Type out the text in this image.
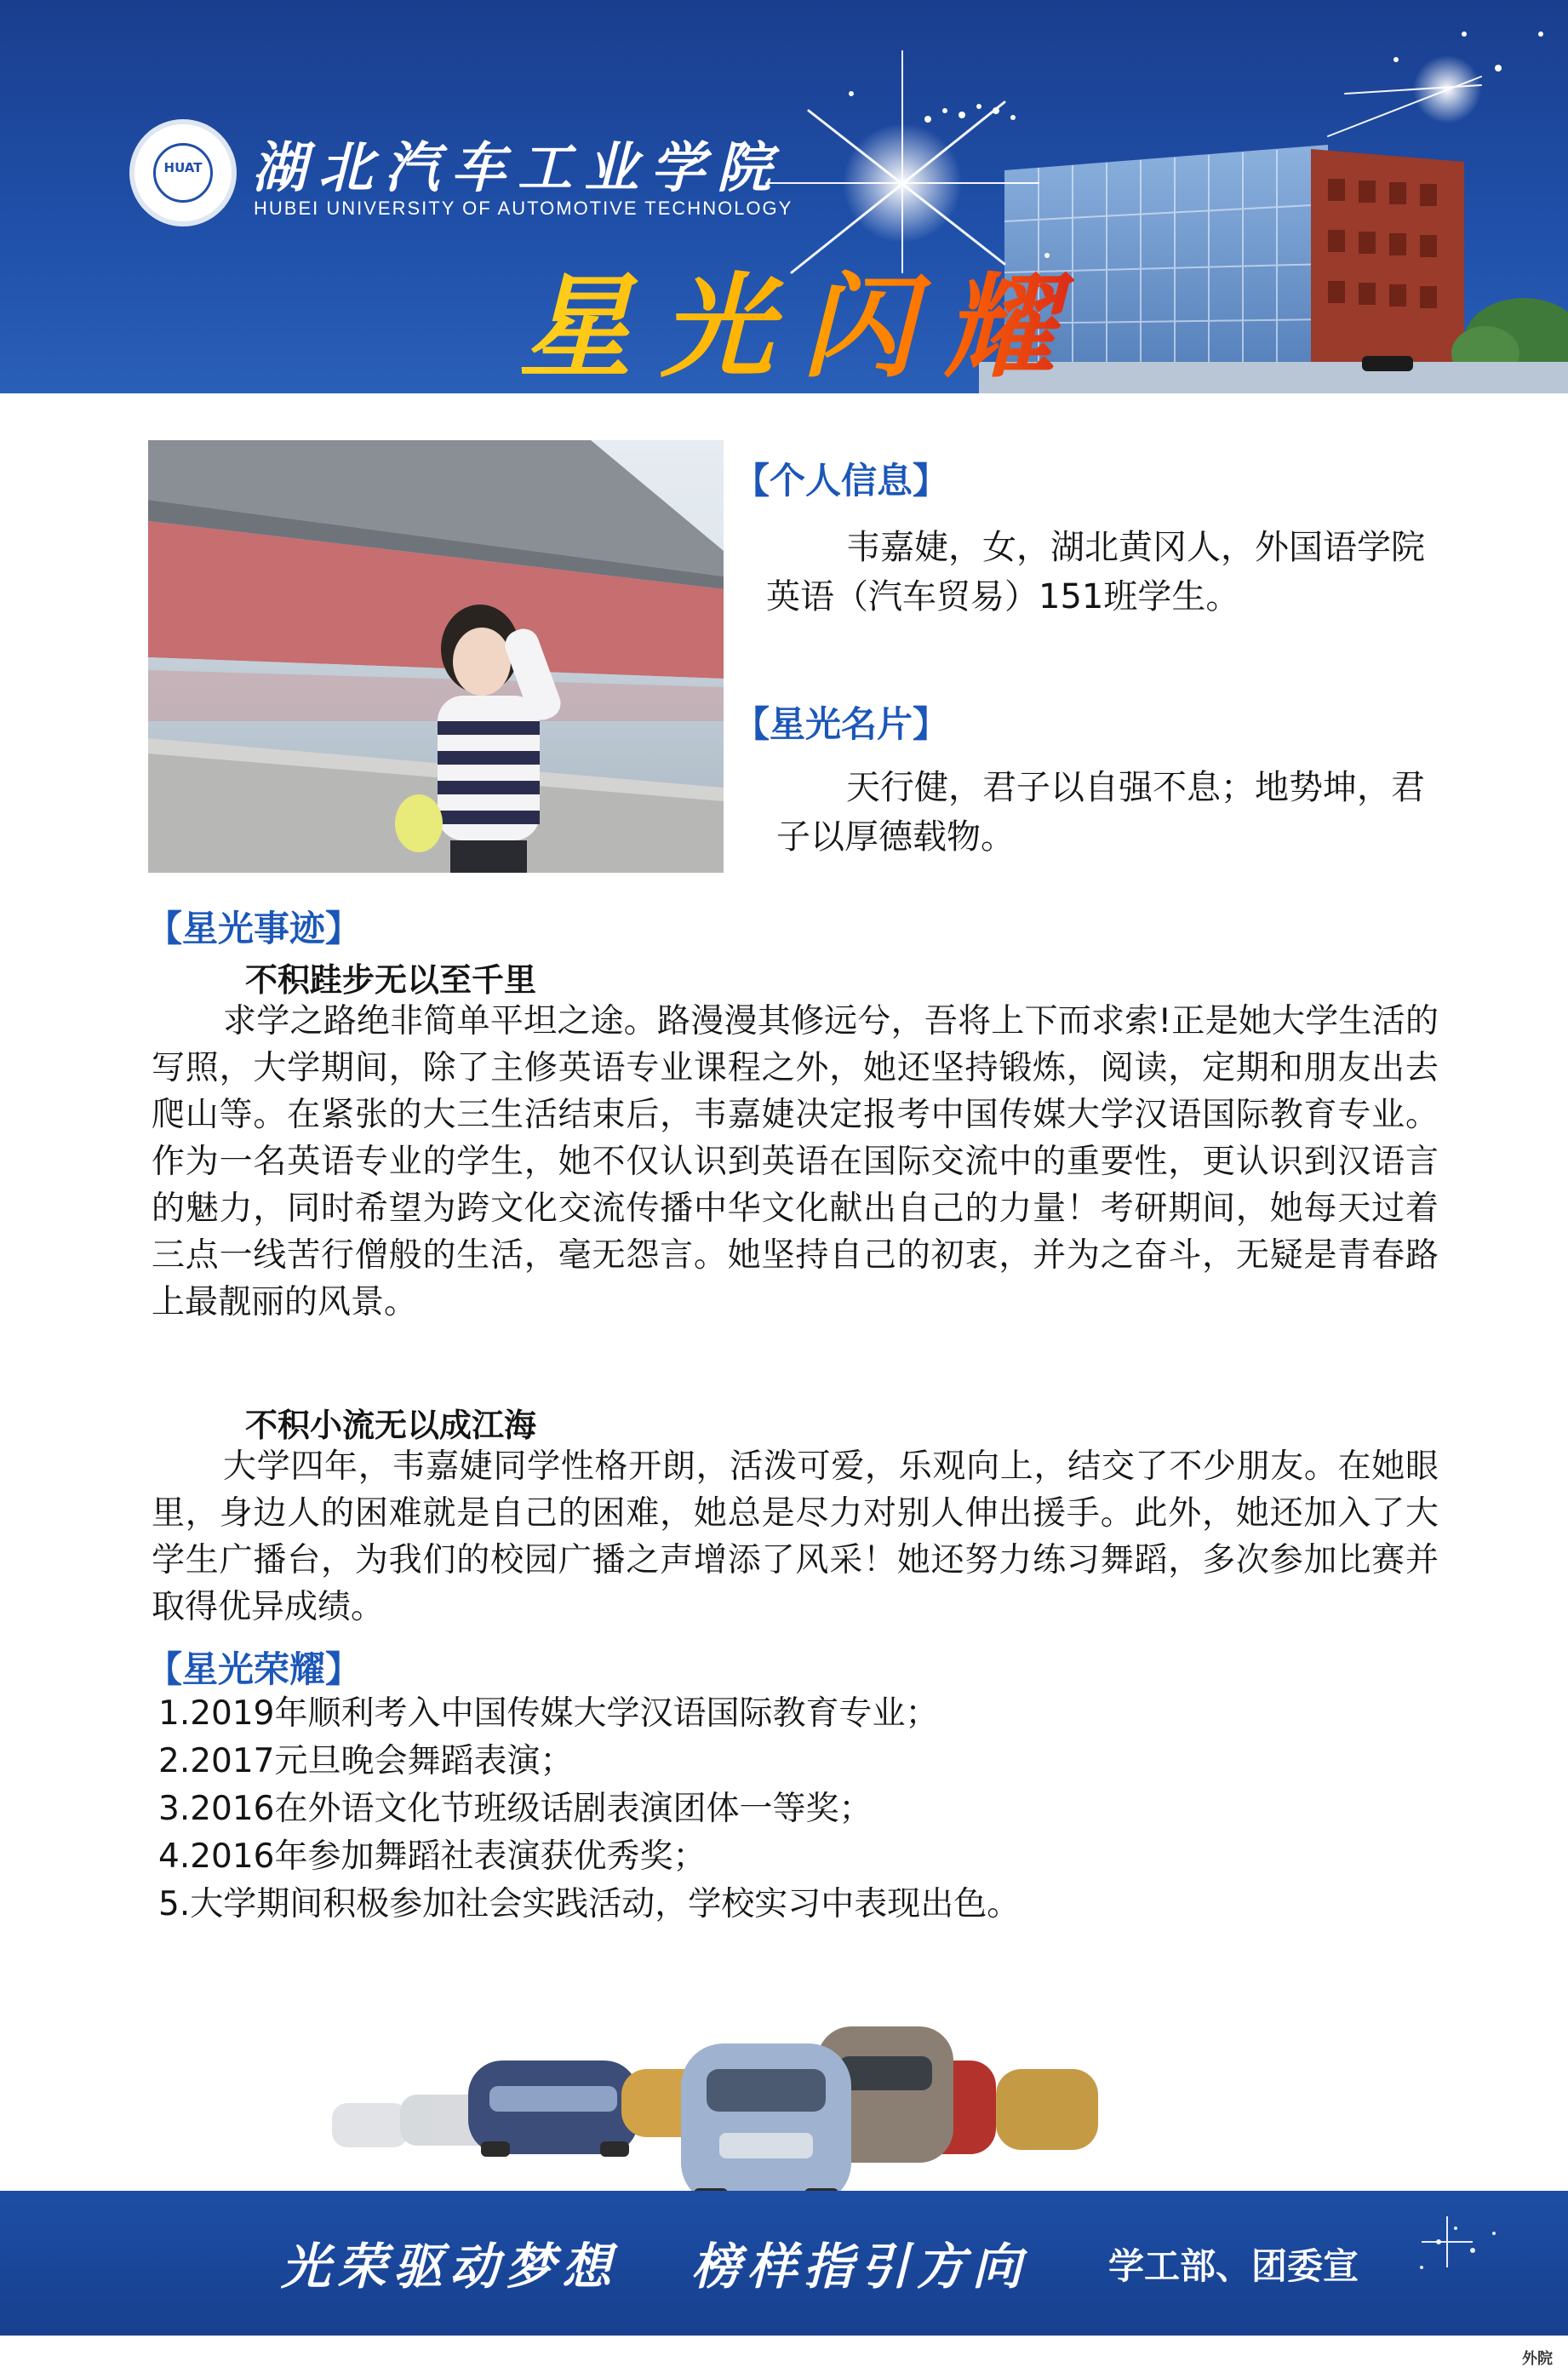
HUAT 湖北汽车工业学院
HUBEI UNIVERSITY OF AUTOMOTIVE TECHNOLOGY
星光闪耀
【个人信息】

韦嘉婕，女，湖北黄冈人，外国语学院英语（汽车贸易）151班学生。

【星光名片】

天行健，君子以自强不息；地势坤，君子以厚德载物。

【星光事迹】
不积跬步无以至千里

求学之路绝非简单平坦之途。路漫漫其修远兮，吾将上下而求索!正是她大学生活的写照，大学期间，除了主修英语专业课程之外，她还坚持锻炼，阅读，定期和朋友出去爬山等。在紧张的大三生活结束后，韦嘉婕决定报考中国传媒大学汉语国际教育专业。作为一名英语专业的学生，她不仅认识到英语在国际交流中的重要性，更认识到汉语言的魅力，同时希望为跨文化交流传播中华文化献出自己的力量！考研期间，她每天过着三点一线苦行僧般的生活，毫无怨言。她坚持自己的初衷，并为之奋斗，无疑是青春路上最靓丽的风景。

不积小流无以成江海

大学四年，韦嘉婕同学性格开朗，活泼可爱，乐观向上，结交了不少朋友。在她眼里，身边人的困难就是自己的困难，她总是尽力对别人伸出援手。此外，她还加入了大学生广播台，为我们的校园广播之声增添了风采！她还努力练习舞蹈，多次参加比赛并取得优异成绩。

【星光荣耀】
1.2019年顺利考入中国传媒大学汉语国际教育专业；
2.2017元旦晚会舞蹈表演；
3.2016在外语文化节班级话剧表演团体一等奖；
4.2016年参加舞蹈社表演获优秀奖；
5.大学期间积极参加社会实践活动，学校实习中表现出色。
光荣驱动梦想 榜样指引方向 学工部、团委宣
外院
